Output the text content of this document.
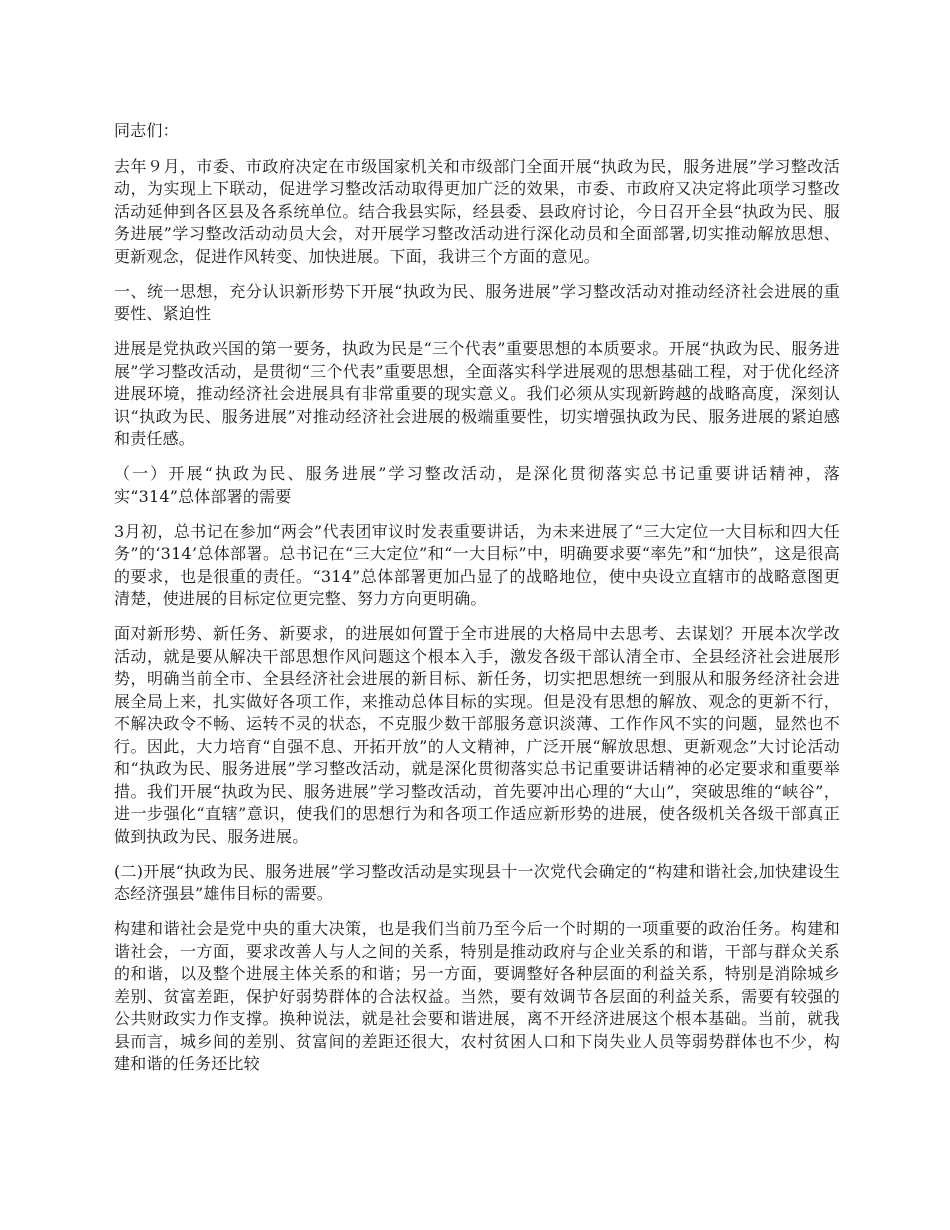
同志们：

去年９月，市委、市政府决定在市级国家机关和市级部门全面开展“执政为民，服务进展”学习整改活动，为实现上下联动，促进学习整改活动取得更加广泛的效果，市委、市政府又决定将此项学习整改活动延伸到各区县及各系统单位。结合我县实际，经县委、县政府讨论，今日召开全县“执政为民、服务进展”学习整改活动动员大会，对开展学习整改活动进行深化动员和全面部署,切实推动解放思想、更新观念，促进作风转变、加快进展。下面，我讲三个方面的意见。

一、统一思想，充分认识新形势下开展“执政为民、服务进展”学习整改活动对推动经济社会进展的重要性、紧迫性

进展是党执政兴国的第一要务，执政为民是“三个代表”重要思想的本质要求。开展“执政为民、服务进展”学习整改活动，是贯彻“三个代表”重要思想，全面落实科学进展观的思想基础工程，对于优化经济进展环境，推动经济社会进展具有非常重要的现实意义。我们必须从实现新跨越的战略高度，深刻认识“执政为民、服务进展”对推动经济社会进展的极端重要性，切实增强执政为民、服务进展的紧迫感和责任感。

（一）开展“执政为民、服务进展”学习整改活动，是深化贯彻落实总书记重要讲话精神，落实“314”总体部署的需要

3月初，总书记在参加“两会”代表团审议时发表重要讲话，为未来进展了“三大定位一大目标和四大任务”的‘314’总体部署。总书记在“三大定位”和“一大目标”中，明确要求要“率先”和“加快”，这是很高的要求，也是很重的责任。“314”总体部署更加凸显了的战略地位，使中央设立直辖市的战略意图更清楚，使进展的目标定位更完整、努力方向更明确。

面对新形势、新任务、新要求，的进展如何置于全市进展的大格局中去思考、去谋划？开展本次学改活动，就是要从解决干部思想作风问题这个根本入手，激发各级干部认清全市、全县经济社会进展形势，明确当前全市、全县经济社会进展的新目标、新任务，切实把思想统一到服从和服务经济社会进展全局上来，扎实做好各项工作，来推动总体目标的实现。但是没有思想的解放、观念的更新不行，不解决政令不畅、运转不灵的状态，不克服少数干部服务意识淡薄、工作作风不实的问题，显然也不行。因此，大力培育“自强不息、开拓开放”的人文精神，广泛开展“解放思想、更新观念”大讨论活动和“执政为民、服务进展”学习整改活动，就是深化贯彻落实总书记重要讲话精神的必定要求和重要举措。我们开展“执政为民、服务进展”学习整改活动，首先要冲出心理的“大山”，突破思维的“峡谷”，进一步强化“直辖”意识，使我们的思想行为和各项工作适应新形势的进展，使各级机关各级干部真正做到执政为民、服务进展。

(二)开展“执政为民、服务进展”学习整改活动是实现县十一次党代会确定的“构建和谐社会,加快建设生态经济强县”雄伟目标的需要。

构建和谐社会是党中央的重大决策，也是我们当前乃至今后一个时期的一项重要的政治任务。构建和谐社会，一方面，要求改善人与人之间的关系，特别是推动政府与企业关系的和谐，干部与群众关系的和谐，以及整个进展主体关系的和谐；另一方面，要调整好各种层面的利益关系，特别是消除城乡差别、贫富差距，保护好弱势群体的合法权益。当然，要有效调节各层面的利益关系，需要有较强的公共财政实力作支撑。换种说法，就是社会要和谐进展，离不开经济进展这个根本基础。当前，就我县而言，城乡间的差别、贫富间的差距还很大，农村贫困人口和下岗失业人员等弱势群体也不少，构建和谐的任务还比较
